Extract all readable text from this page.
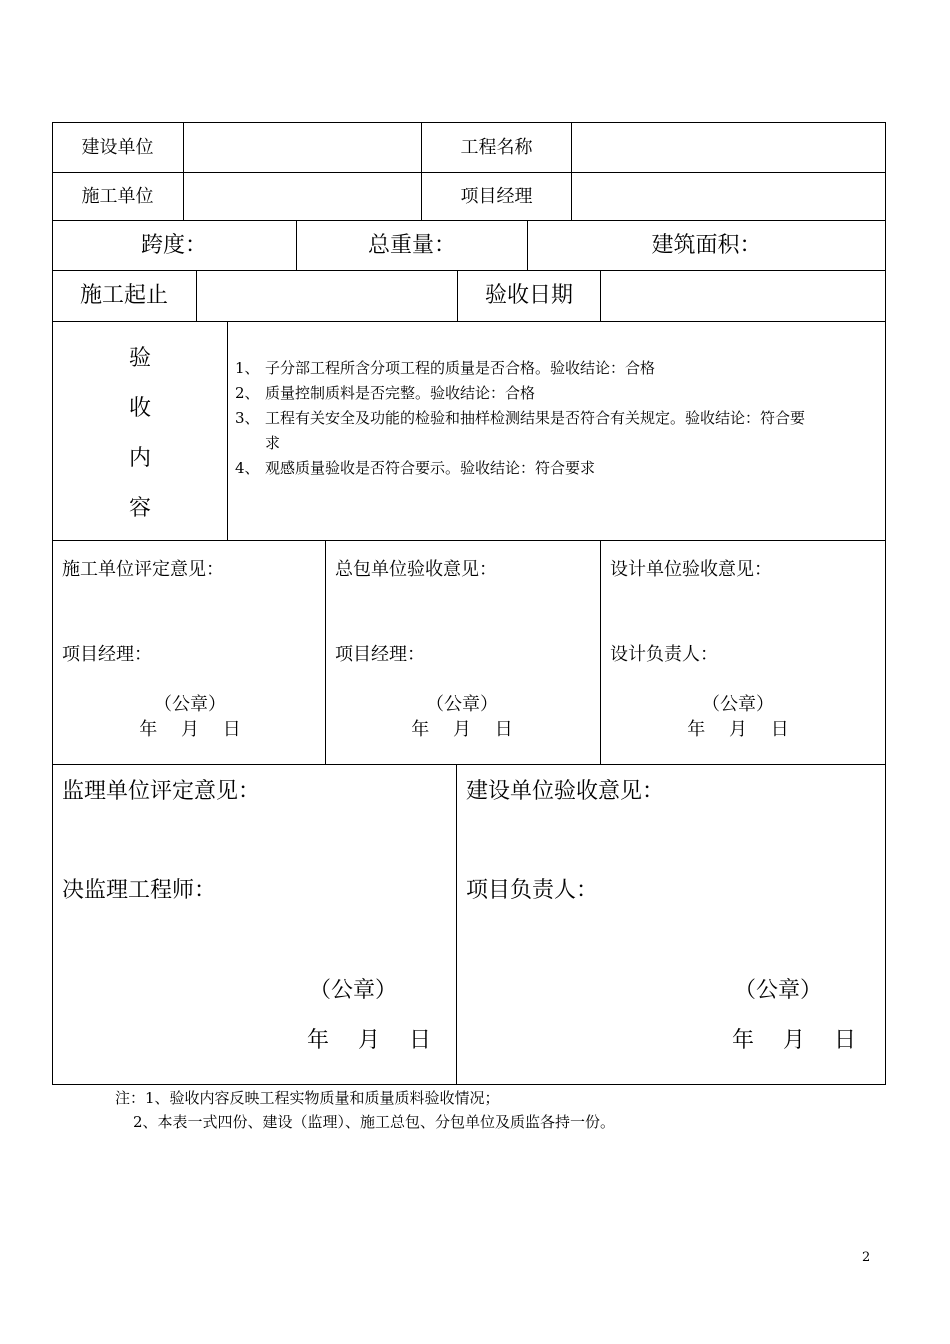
建设单位	工程名称
施工单位	项目经理
跨度：	总重量：	建筑面积：
施工起止	验收日期
验
收
内
容
1、 子分部工程所含分项工程的质量是否合格。验收结论：合格
2、 质量控制质料是否完整。验收结论：合格
3、 工程有关安全及功能的检验和抽样检测结果是否符合有关规定。验收结论：符合要
求
4、 观感质量验收是否符合要示。验收结论：符合要求
施工单位评定意见：
项目经理：
（公章）
年　 月　 日
总包单位验收意见：
项目经理：
（公章）
年　 月　 日
设计单位验收意见：
设计负责人：
（公章）
年　 月　 日
监理单位评定意见：
决监理工程师：
（公章）
年　 月　 日
建设单位验收意见：
项目负责人：
（公章）
年　 月　 日
注：1、验收内容反映工程实物质量和质量质料验收情况；
2、本表一式四份、建设（监理）、施工总包、分包单位及质监各持一份。
2
